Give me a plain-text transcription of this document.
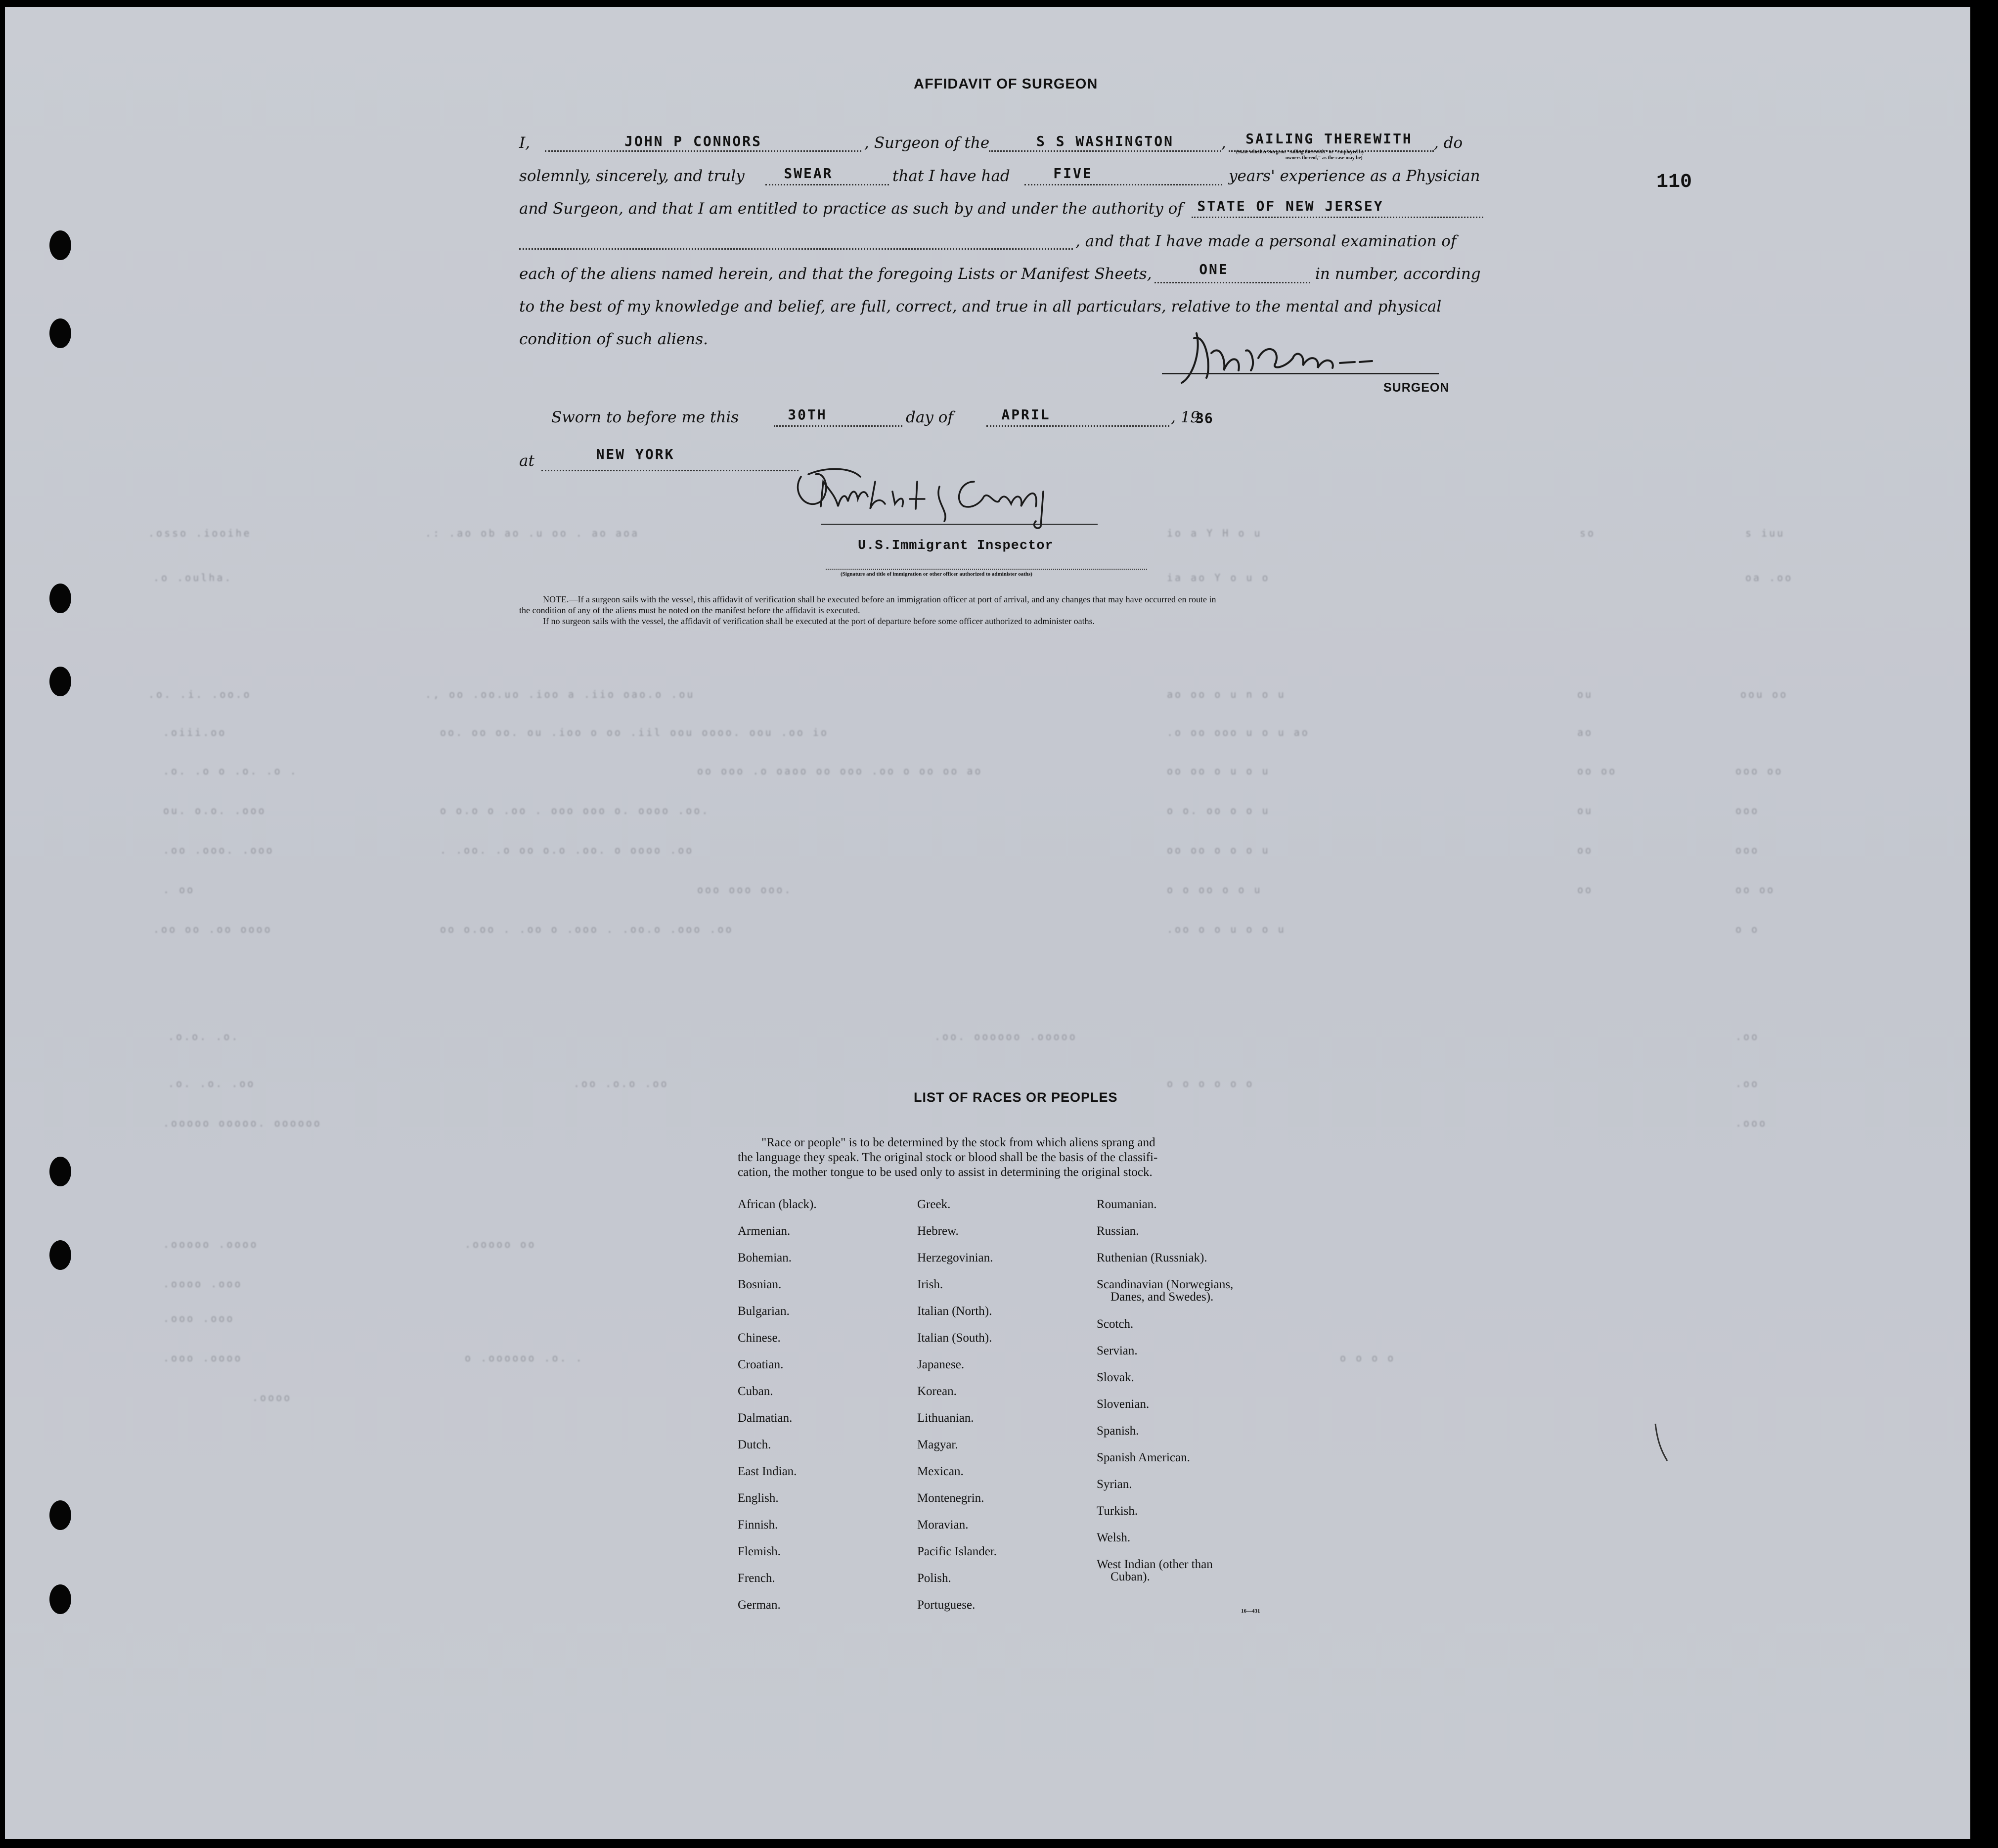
.osso .iooihe	.: .ao ob ao .u oo . ao aoa	io a Y H o u	so	s iuu
.o .oulha.	ia ao Y o u o	oa .oo
.o. .i. .oo.o	., oo .oo.uo .ioo a .iio oao.o .ou	ao oo o u n o u	ou	oou oo
.oiii.oo	oo. oo oo. ou .ioo o oo .iil oou oooo. oou .oo io	.o oo ooo u o u ao	ao
.o. .o o .o. .o .	oo ooo .o oaoo oo ooo .oo o oo oo ao	oo oo o u o u	oo oo	ooo oo
ou. o.o. .ooo	o o.o o .oo . ooo ooo o. oooo .oo.	o o. oo o o u	ou	ooo
.oo .ooo. .ooo	. .oo. .o oo o.o .oo. o oooo .oo	oo oo o o o u	oo	ooo
. oo	ooo ooo ooo.	o o oo o o u	oo	oo oo
.oo oo .oo oooo	oo o.oo . .oo o .ooo . .oo.o .ooo .oo	.oo o o u o o u	o o
.o.o. .o.	.oo. oooooo .ooooo	.oo
.o. .o. .oo	.oo .o.o .oo	o o o o o o	.oo
.ooooo ooooo. oooooo	.ooo
.ooooo .oooo	.ooooo oo
.oooo .ooo
.ooo .ooo
.ooo .oooo	o .oooooo .o. .
.oooo
o o o o
110
AFFIDAVIT OF SURGEON
I,	JOHN P CONNORS	, Surgeon of the	S S WASHINGTON	,	SAILING THEREWITH
(State whether Surgeon "sailing therewith" or "employed by
owners thereof," as the case may be)
, do
solemnly, sincerely, and truly	SWEAR	that I have had	FIVE	years' experience as a Physician
and Surgeon, and that I am entitled to practice as such by and under the authority of STATE OF NEW JERSEY
, and that I have made a personal examination of
each of the aliens named herein, and that the foregoing Lists or Manifest Sheets,	ONE	in number, according
to the best of my knowledge and belief, are full, correct, and true in all particulars, relative to the mental and physical
condition of such aliens.
SURGEON
Sworn to before me this	30TH	day of	APRIL	, 19
36
at	NEW YORK
U.S.Immigrant Inspector
(Signature and title of immigration or other officer authorized to administer oaths)
NOTE.—If a surgeon sails with the vessel, this affidavit of verification shall be executed before an immigration officer at port of arrival, and any changes that may have occurred en route in
the condition of any of the aliens must be noted on the manifest before the affidavit is executed.
If no surgeon sails with the vessel, the affidavit of verification shall be executed at the port of departure before some officer authorized to administer oaths.
LIST OF RACES OR PEOPLES
"Race or people" is to be determined by the stock from which aliens sprang and
the language they speak. The original stock or blood shall be the basis of the classifi-
cation, the mother tongue to be used only to assist in determining the original stock.
African (black).
Armenian.
Bohemian.
Bosnian.
Bulgarian.
Chinese.
Croatian.
Cuban.
Dalmatian.
Dutch.
East Indian.
English.
Finnish.
Flemish.
French.
German.
Greek.
Hebrew.
Herzegovinian.
Irish.
Italian (North).
Italian (South).
Japanese.
Korean.
Lithuanian.
Magyar.
Mexican.
Montenegrin.
Moravian.
Pacific Islander.
Polish.
Portuguese.
Roumanian.
Russian.
Ruthenian (Russniak).
Scandinavian (Norwegians,
Danes, and Swedes).
Scotch.
Servian.
Slovak.
Slovenian.
Spanish.
Spanish American.
Syrian.
Turkish.
Welsh.
West Indian (other than
Cuban).
16—431
